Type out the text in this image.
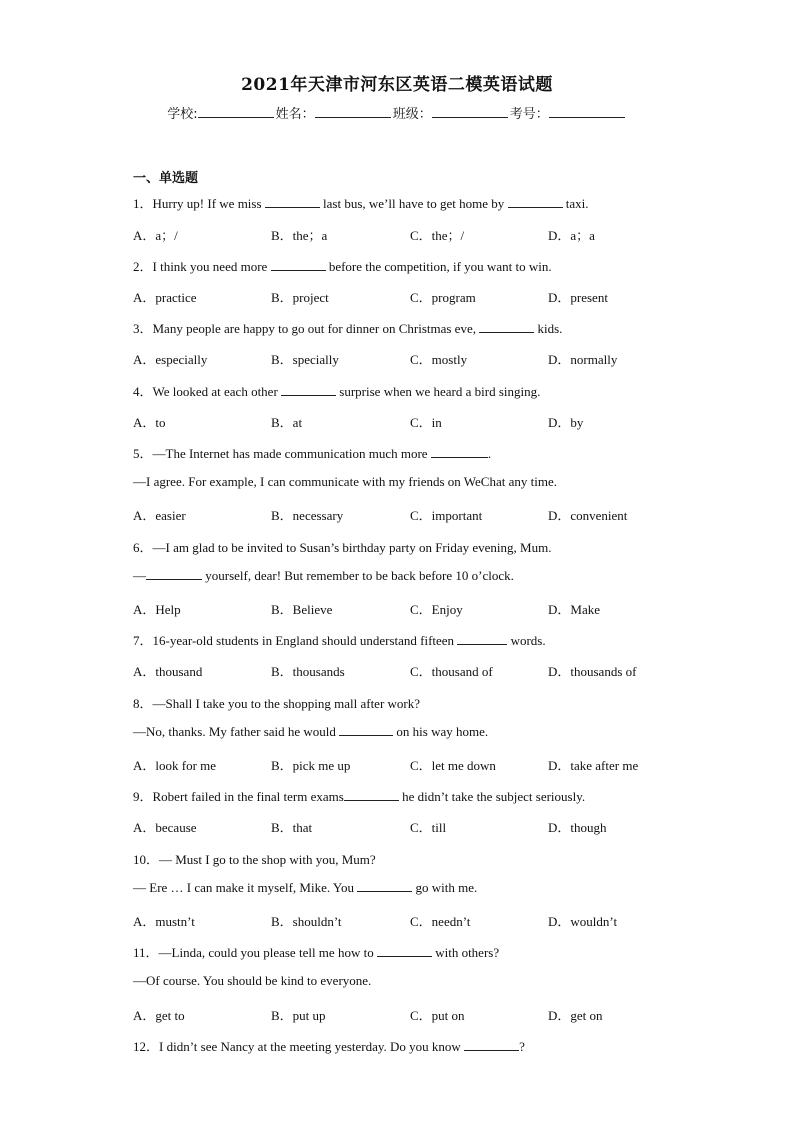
2021年天津市河东区英语二模英语试题
学校:	姓名：	班级：	考号：
一、单选题
1．Hurry up! If we miss	last bus, we’ll have to get home by	taxi.
A．a；/	B．the；a	C．the；/	D．a；a
2．I think you need more	before the competition, if you want to win.
A．practice	B．project	C．program	D．present
3．Many people are happy to go out for dinner on Christmas eve,	kids.
A．especially	B．specially	C．mostly	D．normally
4．We looked at each other	surprise when we heard a bird singing.
A．to	B．at	C．in	D．by
5．—The Internet has made communication much more	.
—I agree. For example, I can communicate with my friends on WeChat any time.
A．easier	B．necessary	C．important	D．convenient
6．—I am glad to be invited to Susan’s birthday party on Friday evening, Mum.
—	yourself, dear! But remember to be back before 10 o’clock.
A．Help	B．Believe	C．Enjoy	D．Make
7．16-year-old students in England should understand fifteen	words.
A．thousand	B．thousands	C．thousand of	D．thousands of
8．—Shall I take you to the shopping mall after work?
—No, thanks. My father said he would	on his way home.
A．look for me	B．pick me up	C．let me down	D．take after me
9．Robert failed in the final term exams	he didn’t take the subject seriously.
A．because	B．that	C．till	D．though
10．— Must I go to the shop with you, Mum?
— Ere … I can make it myself, Mike. You	go with me.
A．mustn’t	B．shouldn’t	C．needn’t	D．wouldn’t
11．—Linda, could you please tell me how to	with others?
—Of course. You should be kind to everyone.
A．get to	B．put up	C．put on	D．get on
12．I didn’t see Nancy at the meeting yesterday. Do you know	?
